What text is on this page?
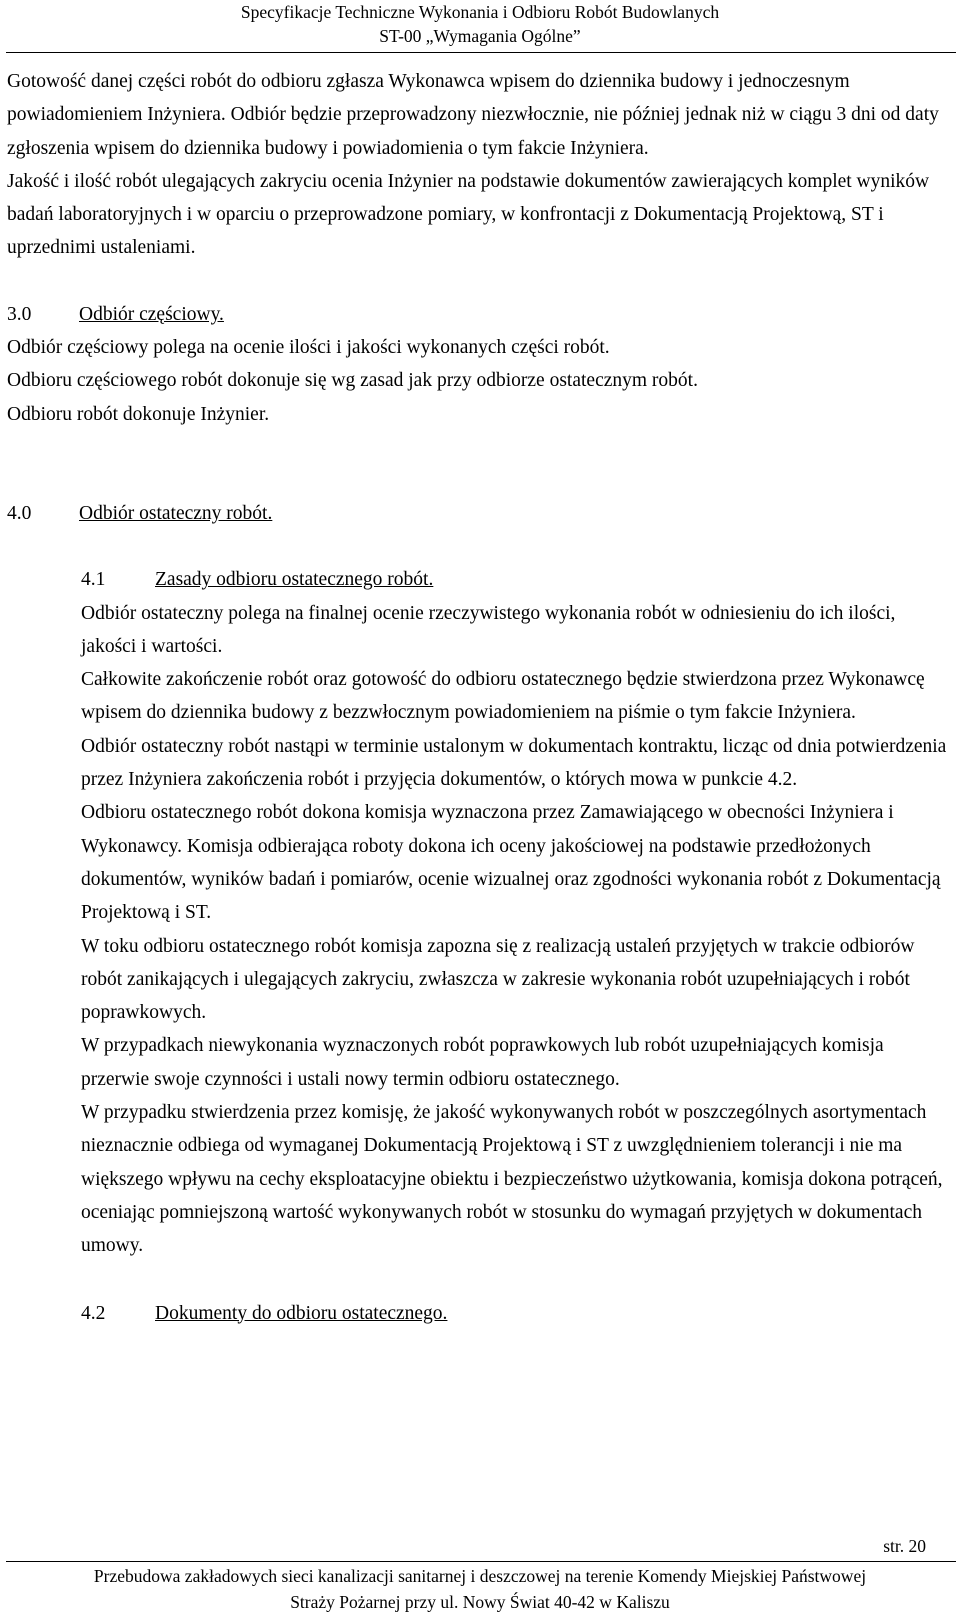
Specyfikacje Techniczne Wykonania i Odbioru Robót Budowlanych
ST-00 „Wymagania Ogólne”

Gotowość danej części robót do odbioru zgłasza Wykonawca wpisem do dziennika budowy i jednoczesnym powiadomieniem Inżyniera. Odbiór będzie przeprowadzony niezwłocznie, nie później jednak niż w ciągu 3 dni od daty zgłoszenia wpisem do dziennika budowy i powiadomienia o tym fakcie Inżyniera.

Jakość i ilość robót ulegających zakryciu ocenia Inżynier na podstawie dokumentów zawierających komplet wyników badań laboratoryjnych i w oparciu o przeprowadzone pomiary, w konfrontacji z Dokumentacją Projektową, ST i uprzednimi ustaleniami.

3.0	Odbiór częściowy.

Odbiór częściowy polega na ocenie ilości i jakości wykonanych części robót.

Odbioru częściowego robót dokonuje się wg zasad jak przy odbiorze ostatecznym robót.

Odbioru robót dokonuje Inżynier.

4.0	Odbiór ostateczny robót.
4.1	Zasady odbioru ostatecznego robót.

Odbiór ostateczny polega na finalnej ocenie rzeczywistego wykonania robót w odniesieniu do ich ilości, jakości i wartości.

Całkowite zakończenie robót oraz gotowość do odbioru ostatecznego będzie stwierdzona przez Wykonawcę wpisem do dziennika budowy z bezzwłocznym powiadomieniem na piśmie o tym fakcie Inżyniera.

Odbiór ostateczny robót nastąpi w terminie ustalonym w dokumentach kontraktu, licząc od dnia potwierdzenia przez Inżyniera zakończenia robót i przyjęcia dokumentów, o których mowa w punkcie 4.2.

Odbioru ostatecznego robót dokona komisja wyznaczona przez Zamawiającego w obecności Inżyniera i Wykonawcy. Komisja odbierająca roboty dokona ich oceny jakościowej na podstawie przedłożonych dokumentów, wyników badań i pomiarów, ocenie wizualnej oraz zgodności wykonania robót z Dokumentacją Projektową i ST.

W toku odbioru ostatecznego robót komisja zapozna się z realizacją ustaleń przyjętych w trakcie odbiorów robót zanikających i ulegających zakryciu, zwłaszcza w zakresie wykonania robót uzupełniających i robót poprawkowych.

W przypadkach niewykonania wyznaczonych robót poprawkowych lub robót uzupełniających komisja przerwie swoje czynności i ustali nowy termin odbioru ostatecznego.

W przypadku stwierdzenia przez komisję, że jakość wykonywanych robót w poszczególnych asortymentach nieznacznie odbiega od wymaganej Dokumentacją Projektową i ST z uwzględnieniem tolerancji i nie ma większego wpływu na cechy eksploatacyjne obiektu i bezpieczeństwo użytkowania, komisja dokona potrąceń, oceniając pomniejszoną wartość wykonywanych robót w stosunku do wymagań przyjętych w dokumentach umowy.

4.2	Dokumenty do odbioru ostatecznego.
str. 20
Przebudowa zakładowych sieci kanalizacji sanitarnej i deszczowej na terenie Komendy Miejskiej Państwowej
Straży Pożarnej przy ul. Nowy Świat 40-42 w Kaliszu
